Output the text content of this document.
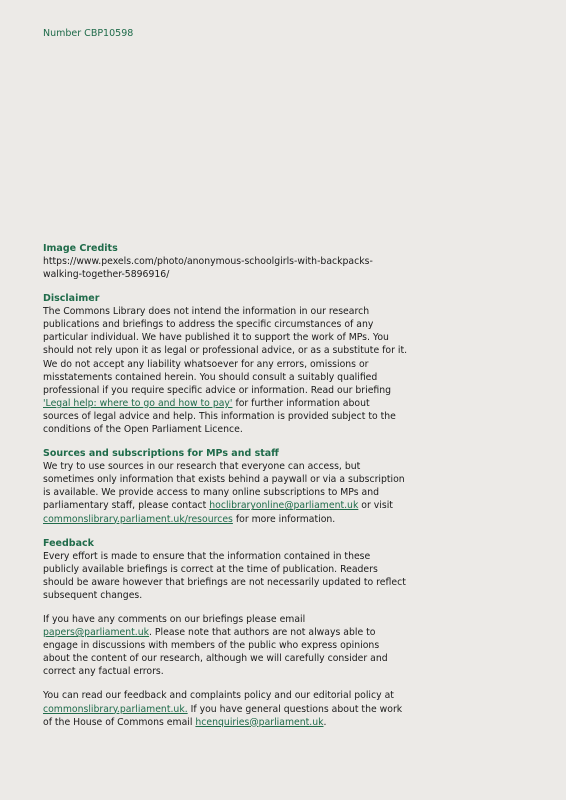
Number CBP10598
Image Credits

https://www.pexels.com/photo/anonymous-schoolgirls-with-backpacks-walking-together-5896916/

Disclaimer

The Commons Library does not intend the information in our research publications and briefings to address the specific circumstances of any particular individual. We have published it to support the work of MPs. You should not rely upon it as legal or professional advice, or as a substitute for it. We do not accept any liability whatsoever for any errors, omissions or misstatements contained herein. You should consult a suitably qualified professional if you require specific advice or information. Read our briefing 'Legal help: where to go and how to pay' for further information about sources of legal advice and help. This information is provided subject to the conditions of the Open Parliament Licence.

Sources and subscriptions for MPs and staff

We try to use sources in our research that everyone can access, but sometimes only information that exists behind a paywall or via a subscription is available. We provide access to many online subscriptions to MPs and parliamentary staff, please contact hoclibraryonline@parliament.uk or visit commonslibrary.parliament.uk/resources for more information.

Feedback

Every effort is made to ensure that the information contained in these publicly available briefings is correct at the time of publication. Readers should be aware however that briefings are not necessarily updated to reflect subsequent changes.

If you have any comments on our briefings please email papers@parliament.uk. Please note that authors are not always able to engage in discussions with members of the public who express opinions about the content of our research, although we will carefully consider and correct any factual errors.

You can read our feedback and complaints policy and our editorial policy at commonslibrary.parliament.uk. If you have general questions about the work of the House of Commons email hcenquiries@parliament.uk.
